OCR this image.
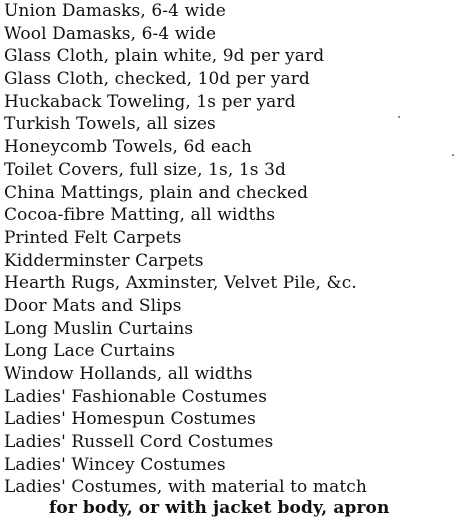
Union Damasks, 6-4 wide
Wool Damasks, 6-4 wide
Glass Cloth, plain white, 9d per yard
Glass Cloth, checked, 10d per yard
Huckaback Toweling, 1s per yard
Turkish Towels, all sizes
Honeycomb Towels, 6d each
Toilet Covers, full size, 1s, 1s 3d
China Mattings, plain and checked
Cocoa-fibre Matting, all widths
Printed Felt Carpets
Kidderminster Carpets
Hearth Rugs, Axminster, Velvet Pile, &c.
Door Mats and Slips
Long Muslin Curtains
Long Lace Curtains
Window Hollands, all widths
Ladies' Fashionable Costumes
Ladies' Homespun Costumes
Ladies' Russell Cord Costumes
Ladies' Wincey Costumes
Ladies' Costumes, with material to match
for body, or with jacket body, apron
